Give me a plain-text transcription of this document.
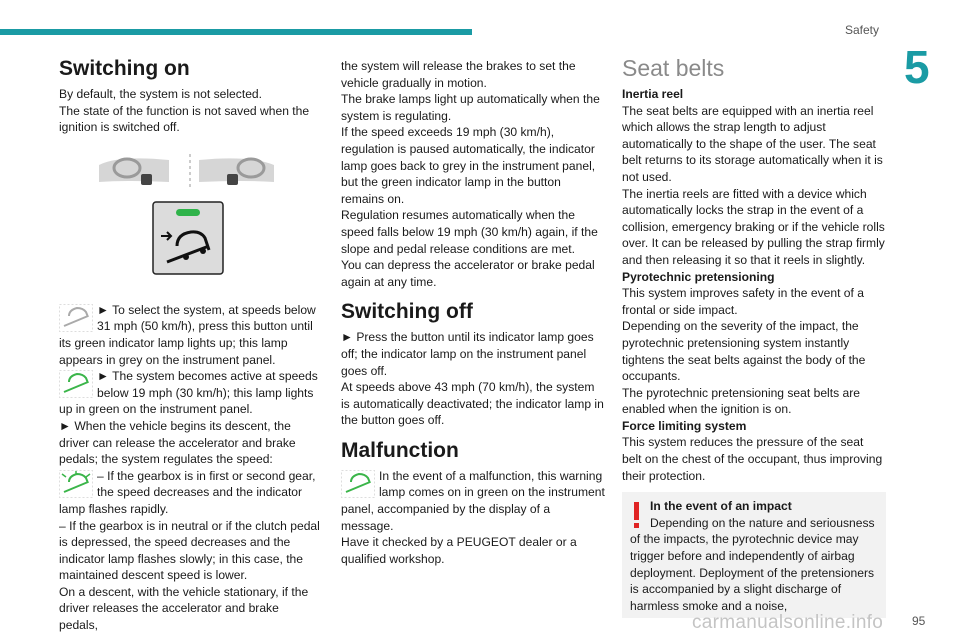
Safety
5
Switching on

By default, the system is not selected.

The state of the function is not saved when the ignition is switched off.

► To select the system, at speeds below 31 mph (50 km/h), press this button until its green indicator lamp lights up; this lamp appears in grey on the instrument panel.

► The system becomes active at speeds below 19 mph (30 km/h); this lamp lights up in green on the instrument panel.

► When the vehicle begins its descent, the driver can release the accelerator and brake pedals; the system regulates the speed:

– If the gearbox is in first or second gear, the speed decreases and the indicator lamp flashes rapidly.

– If the gearbox is in neutral or if the clutch pedal is depressed, the speed decreases and the indicator lamp flashes slowly; in this case, the maintained descent speed is lower.

On a descent, with the vehicle stationary, if the driver releases the accelerator and brake pedals,

the system will release the brakes to set the vehicle gradually in motion.

The brake lamps light up automatically when the system is regulating.

If the speed exceeds 19 mph (30 km/h), regulation is paused automatically, the indicator lamp goes back to grey in the instrument panel, but the green indicator lamp in the button remains on.

Regulation resumes automatically when the speed falls below 19 mph (30 km/h) again, if the slope and pedal release conditions are met.

You can depress the accelerator or brake pedal again at any time.

Switching off

► Press the button until its indicator lamp goes off; the indicator lamp on the instrument panel goes off.

At speeds above 43 mph (70 km/h), the system is automatically deactivated; the indicator lamp in the button goes off.

Malfunction

In the event of a malfunction, this warning lamp comes on in green on the instrument panel, accompanied by the display of a message.

Have it checked by a PEUGEOT dealer or a qualified workshop.

Seat belts

Inertia reel

The seat belts are equipped with an inertia reel which allows the strap length to adjust automatically to the shape of the user. The seat belt returns to its storage automatically when it is not used.

The inertia reels are fitted with a device which automatically locks the strap in the event of a collision, emergency braking or if the vehicle rolls over. It can be released by pulling the strap firmly and then releasing it so that it reels in slightly.

Pyrotechnic pretensioning

This system improves safety in the event of a frontal or side impact.

Depending on the severity of the impact, the pyrotechnic pretensioning system instantly tightens the seat belts against the body of the occupants.

The pyrotechnic pretensioning seat belts are enabled when the ignition is on.

Force limiting system

This system reduces the pressure of the seat belt on the chest of the occupant, thus improving their protection.

In the event of an impact

Depending on the nature and seriousness of the impacts, the pyrotechnic device may trigger before and independently of airbag deployment. Deployment of the pretensioners is accompanied by a slight discharge of harmless smoke and a noise,

carmanualsonline.info 95
